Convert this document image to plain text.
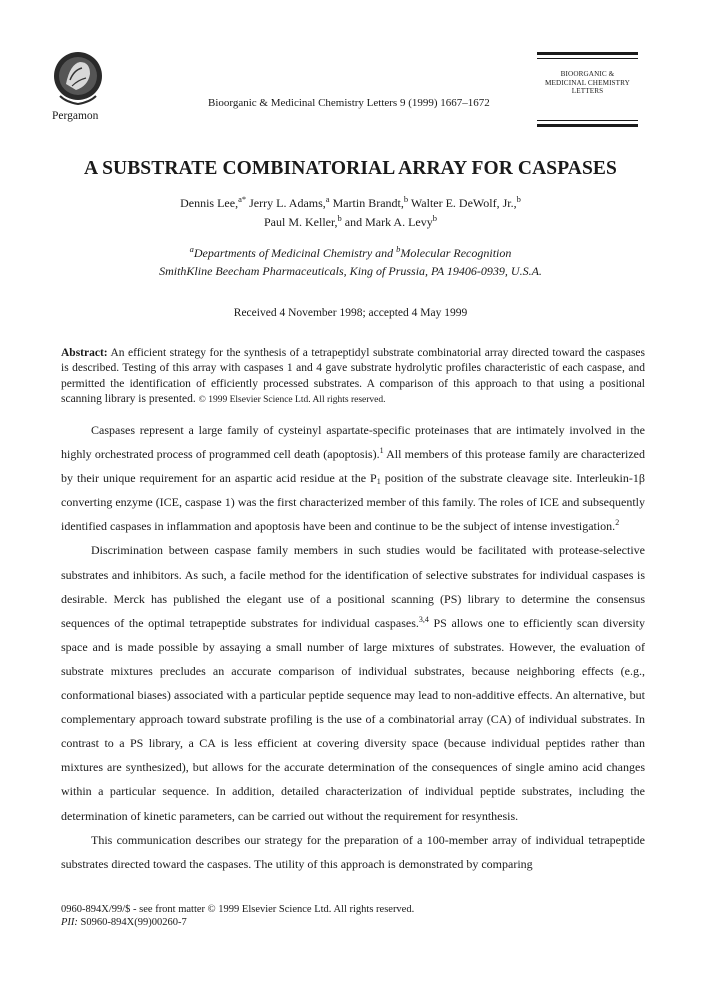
Pergamon
Bioorganic & Medicinal Chemistry Letters 9 (1999) 1667–1672
BIOORGANIC &
MEDICINAL CHEMISTRY
LETTERS
A SUBSTRATE COMBINATORIAL ARRAY FOR CASPASES
Dennis Lee,$^{a*}$ Jerry L. Adams,$^a$ Martin Brandt,$^b$ Walter E. DeWolf, Jr.,$^b$
Paul M. Keller,$^b$ and Mark A. Levy$^b$
$^a$Departments of Medicinal Chemistry and $^b$Molecular Recognition
SmithKline Beecham Pharmaceuticals, King of Prussia, PA 19406-0939, U.S.A.
Received 4 November 1998; accepted 4 May 1999
Abstract: An efficient strategy for the synthesis of a tetrapeptidyl substrate combinatorial array directed toward the caspases is described. Testing of this array with caspases 1 and 4 gave substrate hydrolytic profiles characteristic of each caspase, and permitted the identification of efficiently processed substrates. A comparison of this approach to that using a positional scanning library is presented. © 1999 Elsevier Science Ltd. All rights reserved.

Caspases represent a large family of cysteinyl aspartate-specific proteinases that are intimately involved in the highly orchestrated process of programmed cell death (apoptosis).$^1$ All members of this protease family are characterized by their unique requirement for an aspartic acid residue at the $P_1$ position of the substrate cleavage site. Interleukin-1β converting enzyme (ICE, caspase 1) was the first characterized member of this family. The roles of ICE and subsequently identified caspases in inflammation and apoptosis have been and continue to be the subject of intense investigation.$^2$

Discrimination between caspase family members in such studies would be facilitated with protease-selective substrates and inhibitors. As such, a facile method for the identification of selective substrates for individual caspases is desirable. Merck has published the elegant use of a positional scanning (PS) library to determine the consensus sequences of the optimal tetrapeptide substrates for individual caspases.$^{3,4}$ PS allows one to efficiently scan diversity space and is made possible by assaying a small number of large mixtures of substrates. However, the evaluation of substrate mixtures precludes an accurate comparison of individual substrates, because neighboring effects (e.g., conformational biases) associated with a particular peptide sequence may lead to non-additive effects. An alternative, but complementary approach toward substrate profiling is the use of a combinatorial array (CA) of individual substrates. In contrast to a PS library, a CA is less efficient at covering diversity space (because individual peptides rather than mixtures are synthesized), but allows for the accurate determination of the consequences of single amino acid changes within a particular sequence. In addition, detailed characterization of individual peptide substrates, including the determination of kinetic parameters, can be carried out without the requirement for resynthesis.

This communication describes our strategy for the preparation of a 100-member array of individual tetrapeptide substrates directed toward the caspases. The utility of this approach is demonstrated by comparing

0960-894X/99/$ - see front matter © 1999 Elsevier Science Ltd. All rights reserved.
PII: S0960-894X(99)00260-7
